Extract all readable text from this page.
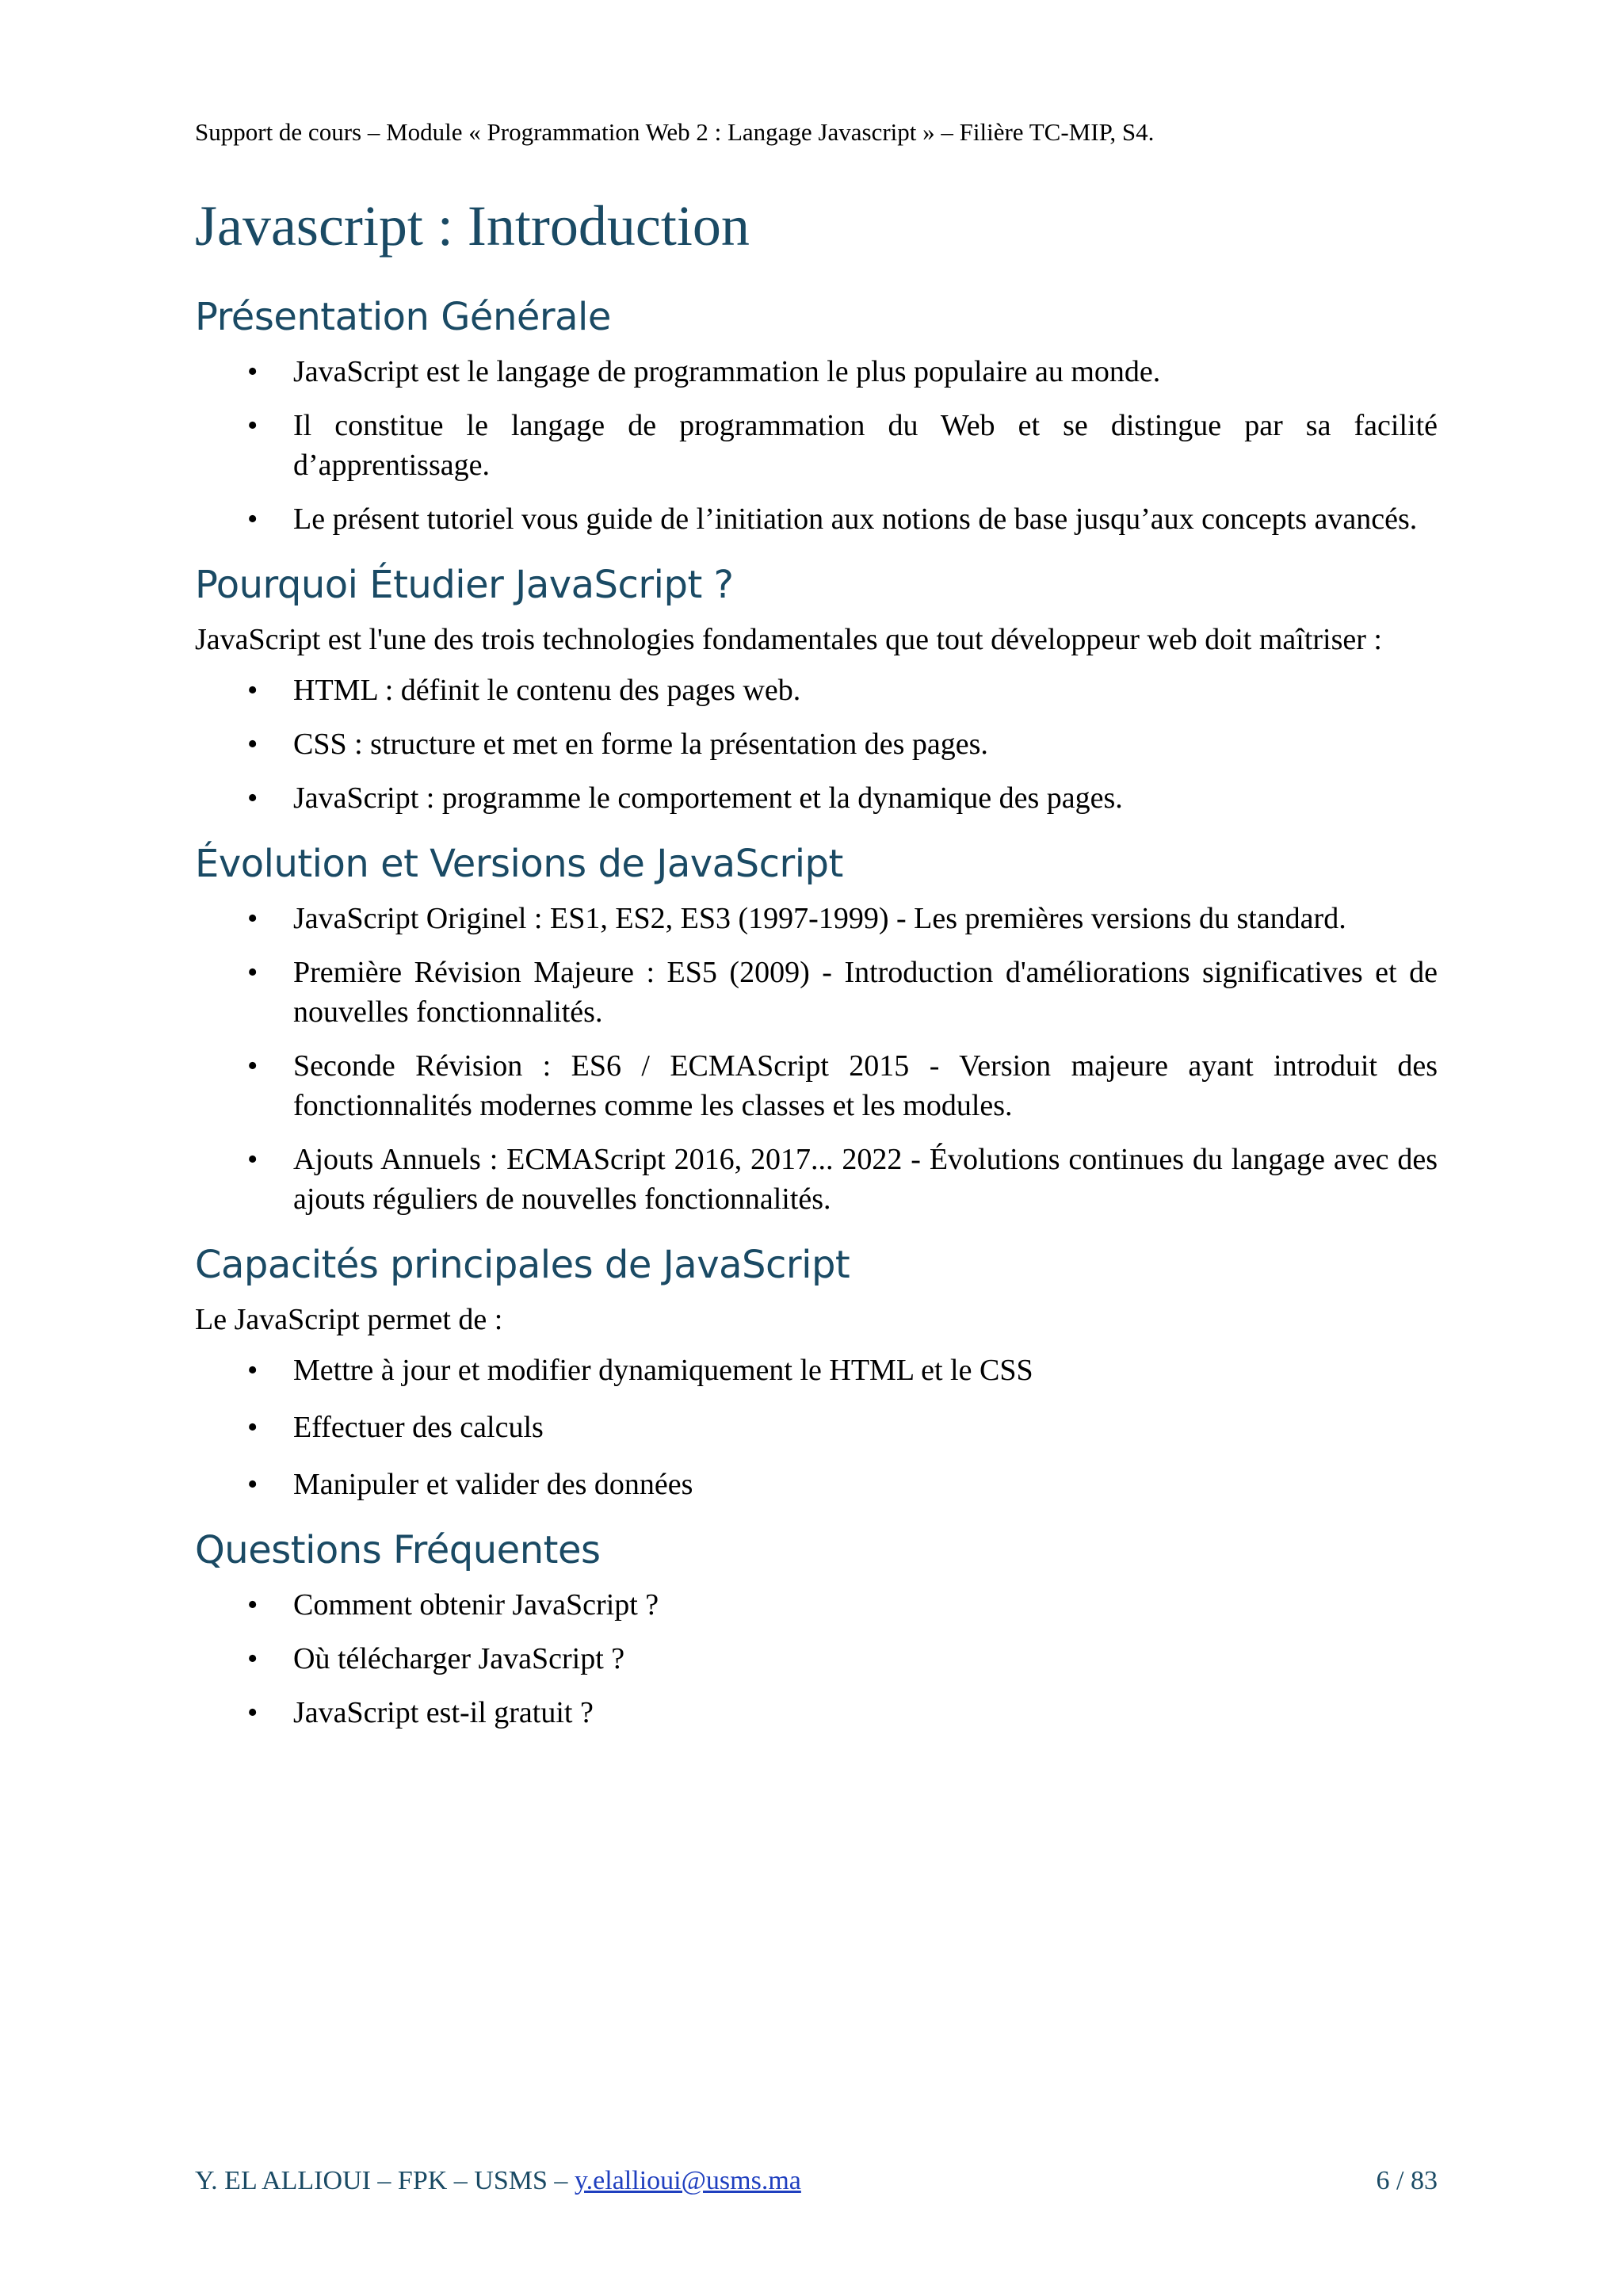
Support de cours – Module « Programmation Web 2 : Langage Javascript » – Filière TC-MIP, S4.
Javascript : Introduction
Présentation Générale
• JavaScript est le langage de programmation le plus populaire au monde.
• Il constitue le langage de programmation du Web et se distingue par sa facilité d’apprentissage.
• Le présent tutoriel vous guide de l’initiation aux notions de base jusqu’aux concepts avancés.
Pourquoi Étudier JavaScript ?

JavaScript est l'une des trois technologies fondamentales que tout développeur web doit maîtriser :

• HTML : définit le contenu des pages web.
• CSS : structure et met en forme la présentation des pages.
• JavaScript : programme le comportement et la dynamique des pages.
Évolution et Versions de JavaScript
• JavaScript Originel : ES1, ES2, ES3 (1997-1999) - Les premières versions du standard.
• Première Révision Majeure : ES5 (2009) - Introduction d'améliorations significatives et de nouvelles fonctionnalités.
• Seconde Révision : ES6 / ECMAScript 2015 - Version majeure ayant introduit des fonctionnalités modernes comme les classes et les modules.
• Ajouts Annuels : ECMAScript 2016, 2017... 2022 - Évolutions continues du langage avec des ajouts réguliers de nouvelles fonctionnalités.
Capacités principales de JavaScript

Le JavaScript permet de :

• Mettre à jour et modifier dynamiquement le HTML et le CSS
• Effectuer des calculs
• Manipuler et valider des données
Questions Fréquentes
• Comment obtenir JavaScript ?
• Où télécharger JavaScript ?
• JavaScript est-il gratuit ?
Y. EL ALLIOUI – FPK – USMS – y.elallioui@usms.ma	6 / 83
